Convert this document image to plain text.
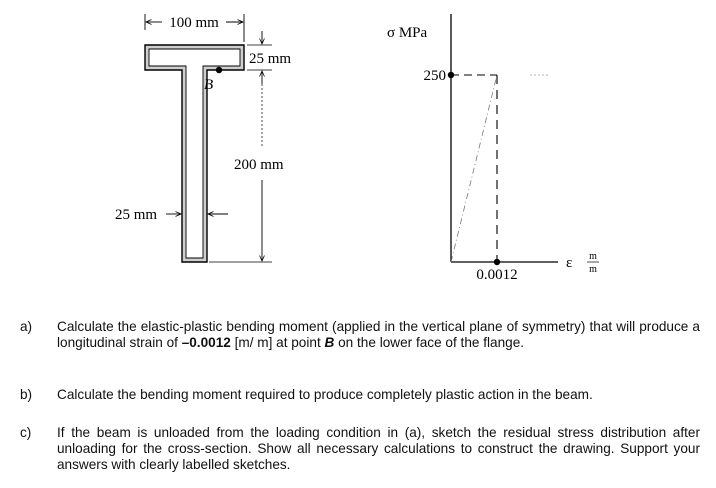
B
100 mm
25 mm
200 mm
25 mm
σ MPa
250
0.0012
ε m
m
a) Calculate the elastic-plastic bending moment (applied in the vertical plane of symmetry) that will produce a longitudinal strain of –0.0012 [m/ m] at point B on the lower face of the flange.
b) Calculate the bending moment required to produce completely plastic action in the beam.
c) If the beam is unloaded from the loading condition in (a), sketch the residual stress distribution after unloading for the cross-section. Show all necessary calculations to construct the drawing. Support your answers with clearly labelled sketches.
